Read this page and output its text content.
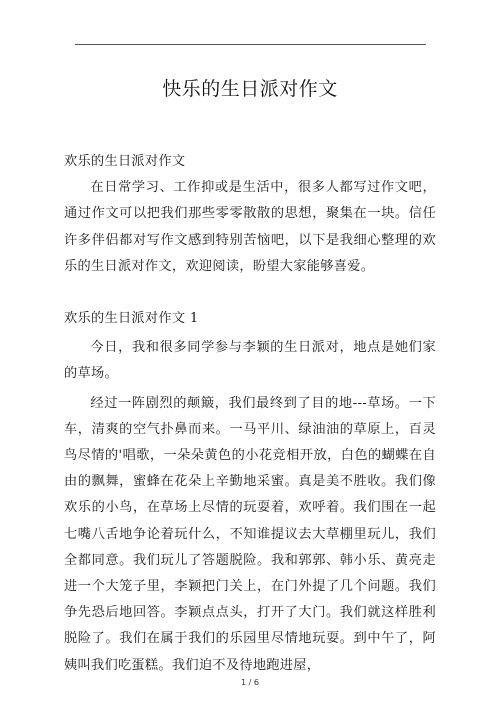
快乐的生日派对作文

欢乐的生日派对作文

在日常学习、工作抑或是生活中，很多人都写过作文吧，通过作文可以把我们那些零零散散的思想，聚集在一块。信任许多伴侣都对写作文感到特别苦恼吧，以下是我细心整理的欢乐的生日派对作文，欢迎阅读，盼望大家能够喜爱。

欢乐的生日派对作文 1

今日，我和很多同学参与李颖的生日派对，地点是她们家的草场。

经过一阵剧烈的颠簸，我们最终到了目的地---草场。一下车，清爽的空气扑鼻而来。一马平川、绿油油的草原上，百灵鸟尽情的'唱歌，一朵朵黄色的小花竞相开放，白色的蝴蝶在自由的飘舞，蜜蜂在花朵上辛勤地采蜜。真是美不胜收。我们像欢乐的小鸟，在草场上尽情的玩耍着，欢呼着。我们围在一起七嘴八舌地争论着玩什么，不知谁提议去大草棚里玩儿，我们全都同意。我们玩儿了答题脱险。我和郭郭、韩小乐、黄亮走进一个大笼子里，李颖把门关上，在门外提了几个问题。我们争先恐后地回答。李颖点点头，打开了大门。我们就这样胜利脱险了。我们在属于我们的乐园里尽情地玩耍。到中午了，阿姨叫我们吃蛋糕。我们迫不及待地跑进屋，

1 / 6
